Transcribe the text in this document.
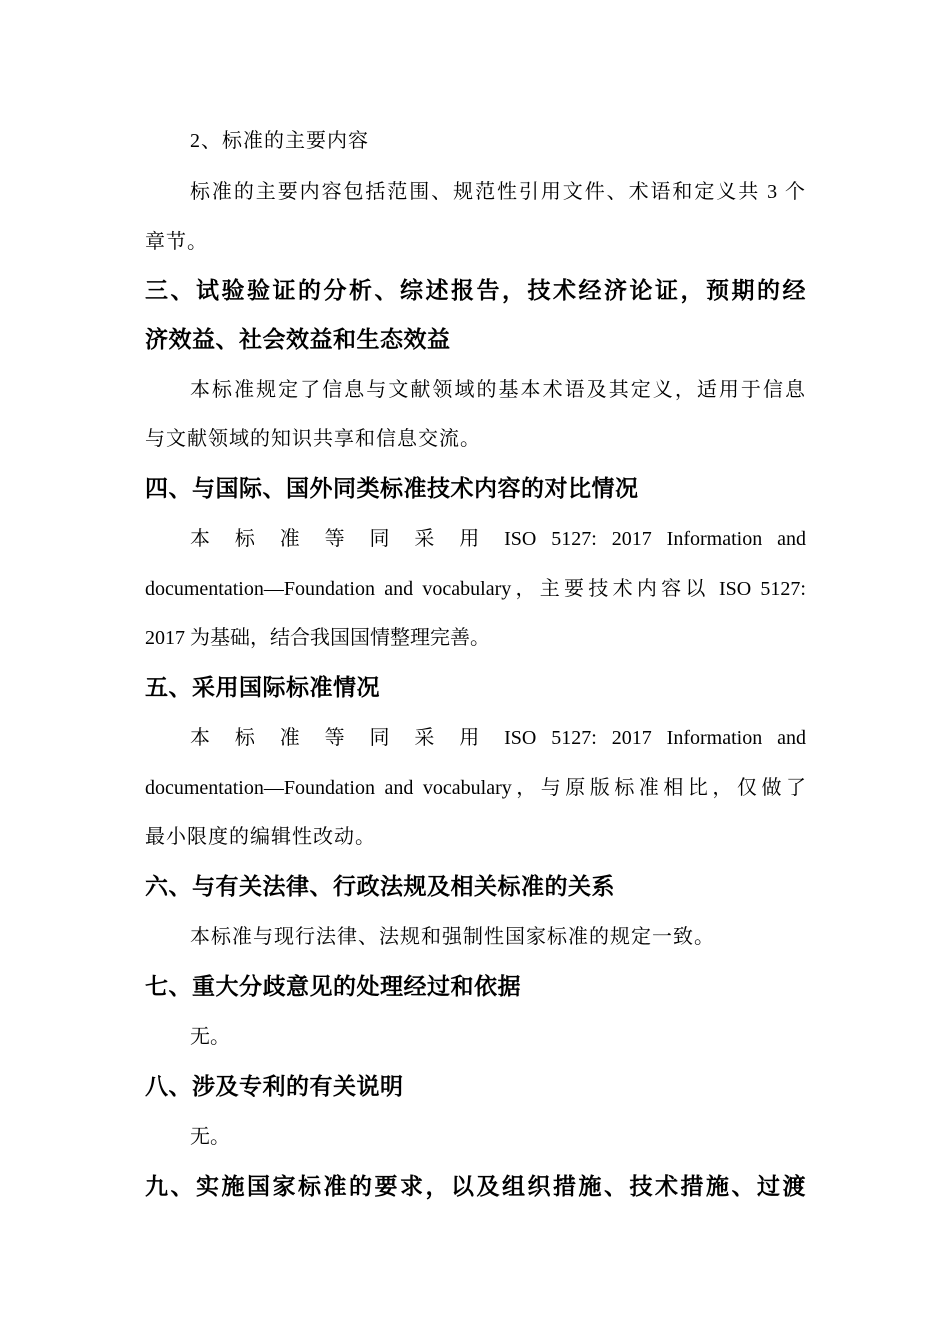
2、标准的主要内容
标准的主要内容包括范围、规范性引用文件、术语和定义共 3 个
章节。
三、试验验证的分析、综述报告，技术经济论证，预期的经
济效益、社会效益和生态效益
本标准规定了信息与文献领域的基本术语及其定义，适用于信息
与文献领域的知识共享和信息交流。
四、与国际、国外同类标准技术内容的对比情况
本 标 准 等 同 采 用 ISO 5127: 2017 Information and
documentation—Foundation and vocabulary，主要技术内容以 ISO 5127:
2017 为基础，结合我国国情整理完善。
五、采用国际标准情况
本 标 准 等 同 采 用 ISO 5127: 2017 Information and
documentation—Foundation and vocabulary，与原版标准相比，仅做了
最小限度的编辑性改动。
六、与有关法律、行政法规及相关标准的关系
本标准与现行法律、法规和强制性国家标准的规定一致。
七、重大分歧意见的处理经过和依据
无。
八、涉及专利的有关说明
无。
九、实施国家标准的要求，以及组织措施、技术措施、过渡
